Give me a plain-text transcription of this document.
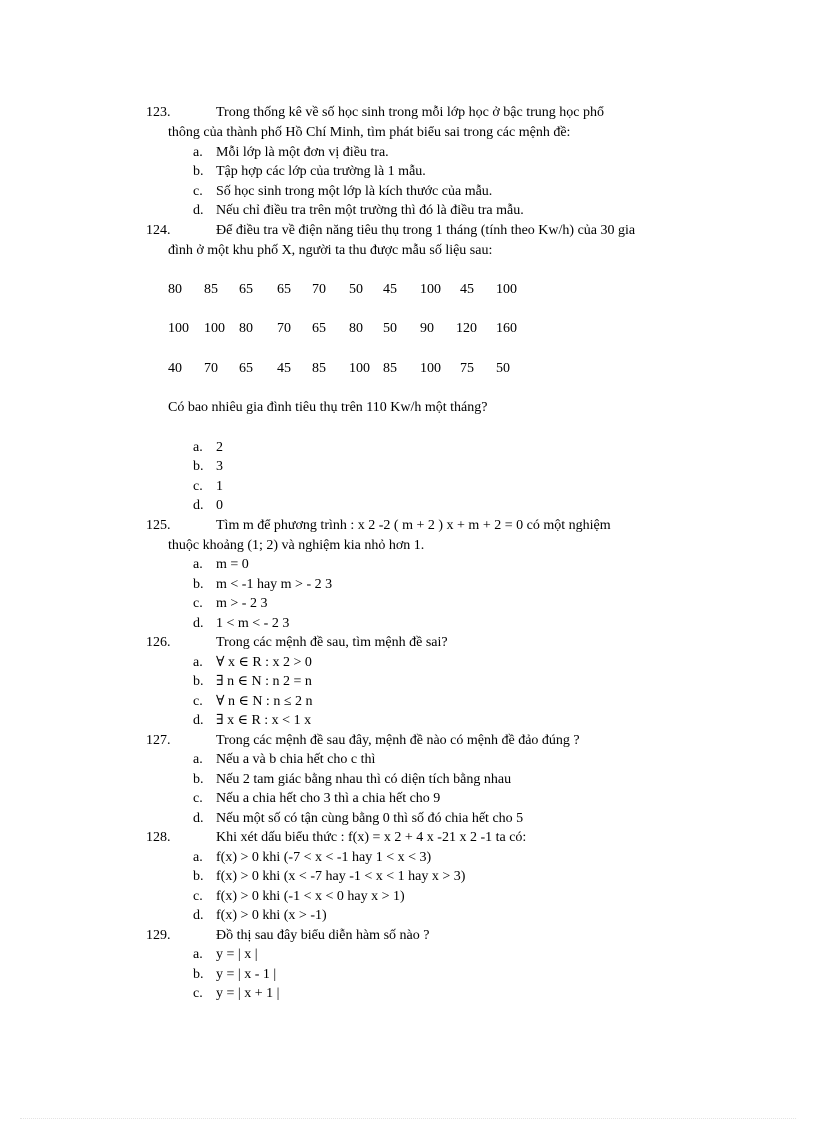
123.	Trong thống kê về số học sinh trong mỗi lớp học ở bậc trung học phổ
thông của thành phố Hồ Chí Minh, tìm phát biểu sai trong các mệnh đề:
a. Mỗi lớp là một đơn vị điều tra.
b. Tập hợp các lớp của trường là 1 mẫu.
c. Số học sinh trong một lớp là kích thước của mẫu.
d. Nếu chỉ điều tra trên một trường thì đó là điều tra mẫu.
124.	Để điều tra về điện năng tiêu thụ trong 1 tháng (tính theo Kw/h) của 30 gia
đình ở một khu phố X, người ta thu được mẫu số liệu sau:
80 85 65 65 70 50 45 100 45 100
100 100 80 70 65 80 50 90 120 160
40 70 65 45 85 100 85 100 75 50
Có bao nhiêu gia đình tiêu thụ trên 110 Kw/h một tháng?
a. 2
b. 3
c. 1
d. 0
125.	Tìm m để phương trình : x 2 -2 ( m + 2 ) x + m + 2 = 0 có một nghiệm
thuộc khoảng (1; 2) và nghiệm kia nhỏ hơn 1.
a. m = 0
b. m < -1 hay m > - 2 3
c. m > - 2 3
d. 1 < m < - 2 3
126.	Trong các mệnh đề sau, tìm mệnh đề sai?
a. ∀ x ∈ R : x 2 > 0
b. ∃ n ∈ N : n 2 = n
c. ∀ n ∈ N : n ≤ 2 n
d. ∃ x ∈ R : x < 1 x
127.	Trong các mệnh đề sau đây, mệnh đề nào có mệnh đề đảo đúng ?
a. Nếu a và b chia hết cho c thì
b. Nếu 2 tam giác bằng nhau thì có diện tích bằng nhau
c. Nếu a chia hết cho 3 thì a chia hết cho 9
d. Nếu một số có tận cùng bằng 0 thì số đó chia hết cho 5
128.	Khi xét dấu biểu thức : f(x) = x 2 + 4 x -21 x 2 -1 ta có:
a. f(x) > 0 khi (-7 < x < -1 hay 1 < x < 3)
b. f(x) > 0 khi (x < -7 hay -1 < x < 1 hay x > 3)
c. f(x) > 0 khi (-1 < x < 0 hay x > 1)
d. f(x) > 0 khi (x > -1)
129.	Đồ thị sau đây biểu diễn hàm số nào ?
a. y = | x |
b. y = | x - 1 |
c. y = | x + 1 |
